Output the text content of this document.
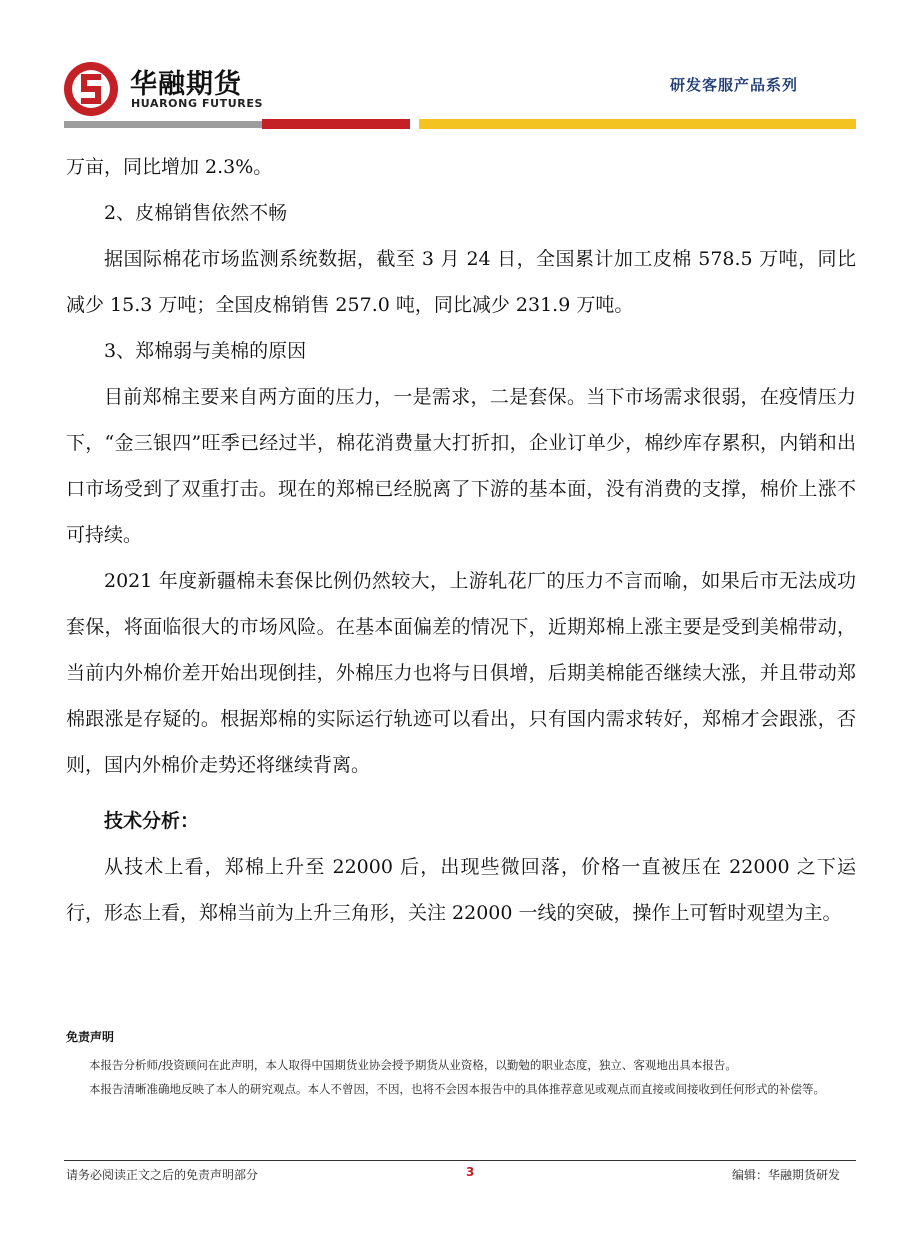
华融期货
HUARONG FUTURES
研发客服产品系列

万亩，同比增加 2.3%。

2、皮棉销售依然不畅

据国际棉花市场监测系统数据，截至 3 月 24 日，全国累计加工皮棉 578.5 万吨，同比减少 15.3 万吨；全国皮棉销售 257.0 吨，同比减少 231.9 万吨。

3、郑棉弱与美棉的原因

目前郑棉主要来自两方面的压力，一是需求，二是套保。当下市场需求很弱，在疫情压力下，“金三银四”旺季已经过半，棉花消费量大打折扣，企业订单少，棉纱库存累积，内销和出口市场受到了双重打击。现在的郑棉已经脱离了下游的基本面，没有消费的支撑，棉价上涨不可持续。

2021 年度新疆棉未套保比例仍然较大，上游轧花厂的压力不言而喻，如果后市无法成功套保，将面临很大的市场风险。在基本面偏差的情况下，近期郑棉上涨主要是受到美棉带动，当前内外棉价差开始出现倒挂，外棉压力也将与日俱增，后期美棉能否继续大涨，并且带动郑棉跟涨是存疑的。根据郑棉的实际运行轨迹可以看出，只有国内需求转好，郑棉才会跟涨，否则，国内外棉价走势还将继续背离。

技术分析：

从技术上看，郑棉上升至 22000 后，出现些微回落，价格一直被压在 22000 之下运行，形态上看，郑棉当前为上升三角形，关注 22000 一线的突破，操作上可暂时观望为主。

免责声明

本报告分析师/投资顾问在此声明，本人取得中国期货业协会授予期货从业资格，以勤勉的职业态度，独立、客观地出具本报告。

本报告清晰准确地反映了本人的研究观点。本人不曾因，不因，也将不会因本报告中的具体推荐意见或观点而直接或间接收到任何形式的补偿等。

请务必阅读正文之后的免责声明部分	3	编辑：华融期货研发
